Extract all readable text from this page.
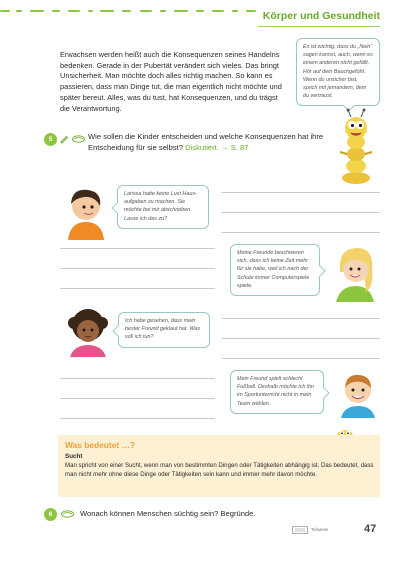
Körper und Gesundheit

Erwachsen werden heißt auch die Konsequenzen seines Handelns bedenken. Gerade in der Pubertät verändert sich vieles. Das bringt Unsicherheit. Man möchte doch alles richtig machen. So kann es passieren, dass man Dinge tut, die man eigentlich nicht möchte und später bereut. Alles, was du tust, hat Konsequenzen, und du trägst die Verantwortung.

Es ist wichtig, dass du „Nein“ sagen kannst, auch, wenn es einem anderen nicht gefällt. Hör auf dein Bauchgefühl. Wenn du unsicher bist, sprich mit jemandem, dem du vertraust.
5	Wie sollen die Kinder entscheiden und welche Konsequenzen hat ihre Entscheidung für sie selbst? Diskutiert. → S. 87
Larissa hatte keine Lust Haus-aufgaben zu machen. Sie möchte bei mir abschreiben. Lasse ich das zu?
Meine Freunde beschweren sich, dass ich keine Zeit mehr für sie habe, weil ich nach der Schule immer Computerspiele spiele.
Ich habe gesehen, dass mein bester Freund geklaut hat. Was soll ich tun?
Mein Freund spielt schlecht Fußball. Deshalb möchte ich ihn im Sportunterricht nicht in mein Team wählen.
Was bedeutet …?
Sucht
Man spricht von einer Sucht, wenn man von bestimmten Dingen oder Tätigkeiten abhängig ist. Das bedeutet, dass man nicht mehr ohne diese Dinge oder Tätigkeiten sein kann und immer mehr davon möchte.
6	Wonach können Menschen süchtig sein? Begründe.
Teilweise	47
